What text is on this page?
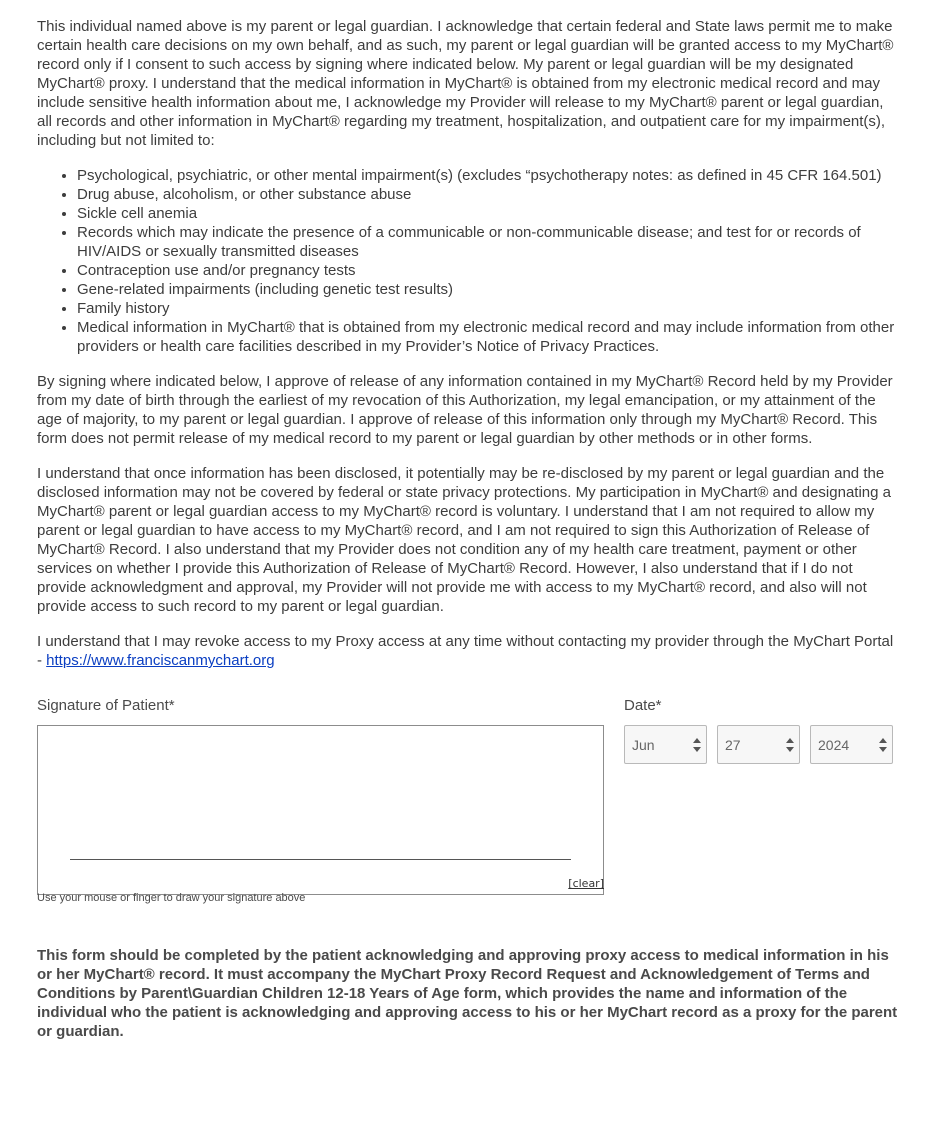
This individual named above is my parent or legal guardian. I acknowledge that certain federal and State laws permit me to make certain health care decisions on my own behalf, and as such, my parent or legal guardian will be granted access to my MyChart® record only if I consent to such access by signing where indicated below. My parent or legal guardian will be my designated MyChart® proxy. I understand that the medical information in MyChart® is obtained from my electronic medical record and may include sensitive health information about me, I acknowledge my Provider will release to my MyChart® parent or legal guardian, all records and other information in MyChart® regarding my treatment, hospitalization, and outpatient care for my impairment(s), including but not limited to:

• Psychological, psychiatric, or other mental impairment(s) (excludes “psychotherapy notes: as defined in 45 CFR 164.501)
• Drug abuse, alcoholism, or other substance abuse
• Sickle cell anemia
• Records which may indicate the presence of a communicable or non-communicable disease; and test for or records of HIV/AIDS or sexually transmitted diseases
• Contraception use and/or pregnancy tests
• Gene-related impairments (including genetic test results)
• Family history
• Medical information in MyChart® that is obtained from my electronic medical record and may include information from other providers or health care facilities described in my Provider’s Notice of Privacy Practices.

By signing where indicated below, I approve of release of any information contained in my MyChart® Record held by my Provider from my date of birth through the earliest of my revocation of this Authorization, my legal emancipation, or my attainment of the age of majority, to my parent or legal guardian. I approve of release of this information only through my MyChart® Record. This form does not permit release of my medical record to my parent or legal guardian by other methods or in other forms.

I understand that once information has been disclosed, it potentially may be re-disclosed by my parent or legal guardian and the disclosed information may not be covered by federal or state privacy protections. My participation in MyChart® and designating a MyChart® parent or legal guardian access to my MyChart® record is voluntary. I understand that I am not required to allow my parent or legal guardian to have access to my MyChart® record, and I am not required to sign this Authorization of Release of MyChart® Record. I also understand that my Provider does not condition any of my health care treatment, payment or other services on whether I provide this Authorization of Release of MyChart® Record. However, I also understand that if I do not provide acknowledgment and approval, my Provider will not provide me with access to my MyChart® record, and also will not provide access to such record to my parent or legal guardian.

I understand that I may revoke access to my Proxy access at any time without contacting my provider through the MyChart Portal - https://www.franciscanmychart.org

Signature of Patient*
[clear]
Use your mouse or finger to draw your signature above
Date*
Jun	27	2024

This form should be completed by the patient acknowledging and approving proxy access to medical information in his or her MyChart® record. It must accompany the MyChart Proxy Record Request and Acknowledgement of Terms and Conditions by Parent\Guardian Children 12-18 Years of Age form, which provides the name and information of the individual who the patient is acknowledging and approving access to his or her MyChart record as a proxy for the parent or guardian.
